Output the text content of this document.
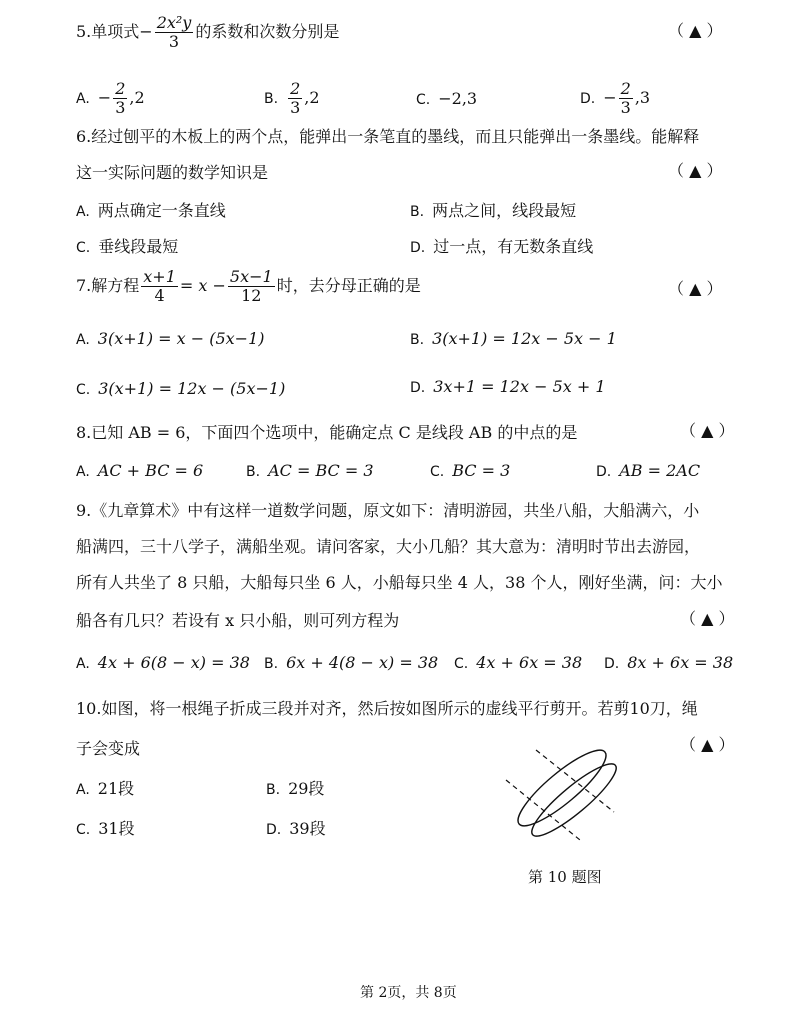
5.单项式− $\frac{\text{2x²y}}{3}$ 的系数和次数分别是	（ ▲ ）
A. − $\frac{2}{3} ,2$	B. $\frac{2}{3} ,2$	C. −2,3	D. − $\frac{2}{3} ,3$
6.经过刨平的木板上的两个点，能弹出一条笔直的墨线，而且只能弹出一条墨线。能解释
这一实际问题的数学知识是	（ ▲ ）
A. 两点确定一条直线	B. 两点之间，线段最短
C. 垂线段最短	D. 过一点，有无数条直线
7.解方程 $\frac{x+1}{4} = x - \frac{5x-1}{12}$ 时，去分母正确的是	（ ▲ ）
A. 3(x+1) = x − (5x−1)	B. 3(x+1) = 12x − 5x − 1
C. 3(x+1) = 12x − (5x−1)	D. 3x+1 = 12x − 5x + 1
8.已知 AB = 6，下面四个选项中，能确定点 C 是线段 AB 的中点的是	（ ▲ ）
A. AC + BC = 6	B. AC = BC = 3	C. BC = 3	D. AB = 2AC
9.《九章算术》中有这样一道数学问题，原文如下：清明游园，共坐八船，大船满六，小
船满四，三十八学子，满船坐观。请问客家，大小几船？其大意为：清明时节出去游园，
所有人共坐了 8 只船，大船每只坐 6 人，小船每只坐 4 人，38 个人，刚好坐满，问：大小
船各有几只？若设有 x 只小船，则可列方程为	（ ▲ ）
A. 4x + 6(8 − x) = 38 B. 6x + 4(8 − x) = 38 C. 4x + 6x = 38 D. 8x + 6x = 38
10.如图，将一根绳子折成三段并对齐，然后按如图所示的虚线平行剪开。若剪10刀，绳
子会变成	（ ▲ ）
A. 21段	B. 29段
C. 31段	D. 39段
第 10 题图
第 2页，共 8页
